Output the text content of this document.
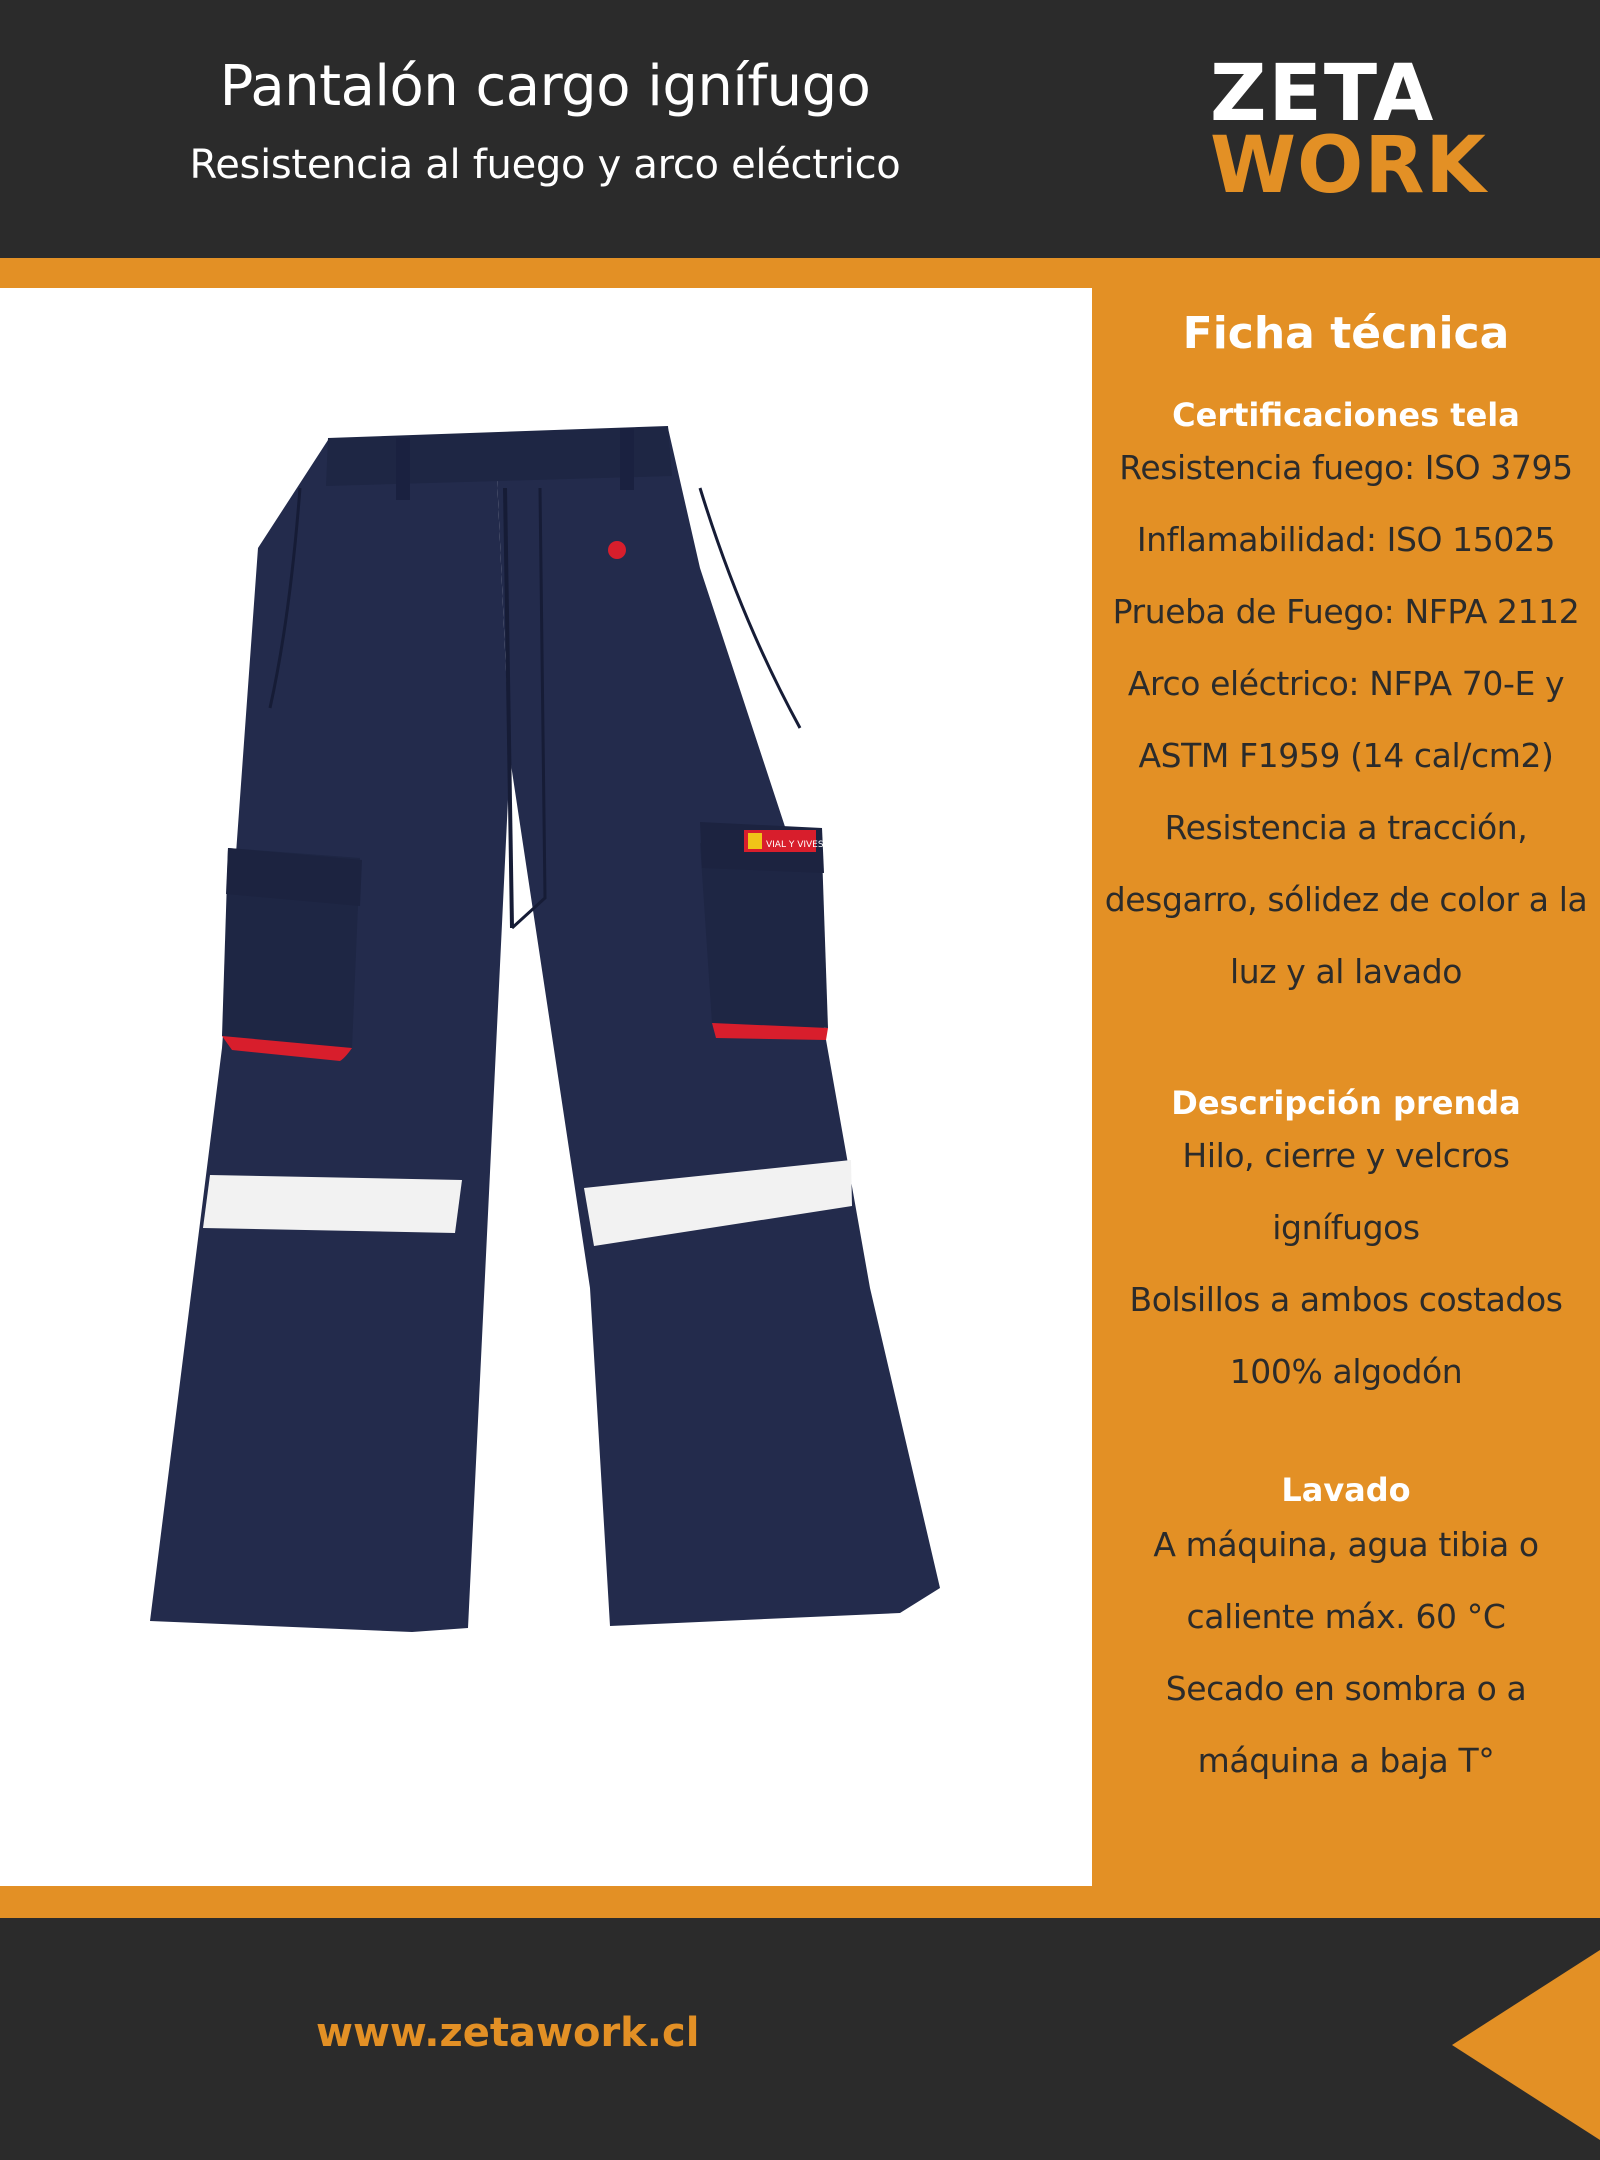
Pantalón cargo ignífugo
Resistencia al fuego y arco eléctrico
ZETA
WORK
VIAL Y VIVES
Ficha técnica
Certificaciones tela
Resistencia fuego: ISO 3795
Inflamabilidad: ISO 15025
Prueba de Fuego: NFPA 2112
Arco eléctrico: NFPA 70-E y
ASTM F1959 (14 cal/cm2)
Resistencia a tracción,
desgarro, sólidez de color a la
luz y al lavado
Descripción prenda
Hilo, cierre y velcros
ignífugos
Bolsillos a ambos costados
100% algodón
Lavado
A máquina, agua tibia o
caliente máx. 60 °C
Secado en sombra o a
máquina a baja T°
www.zetawork.cl
